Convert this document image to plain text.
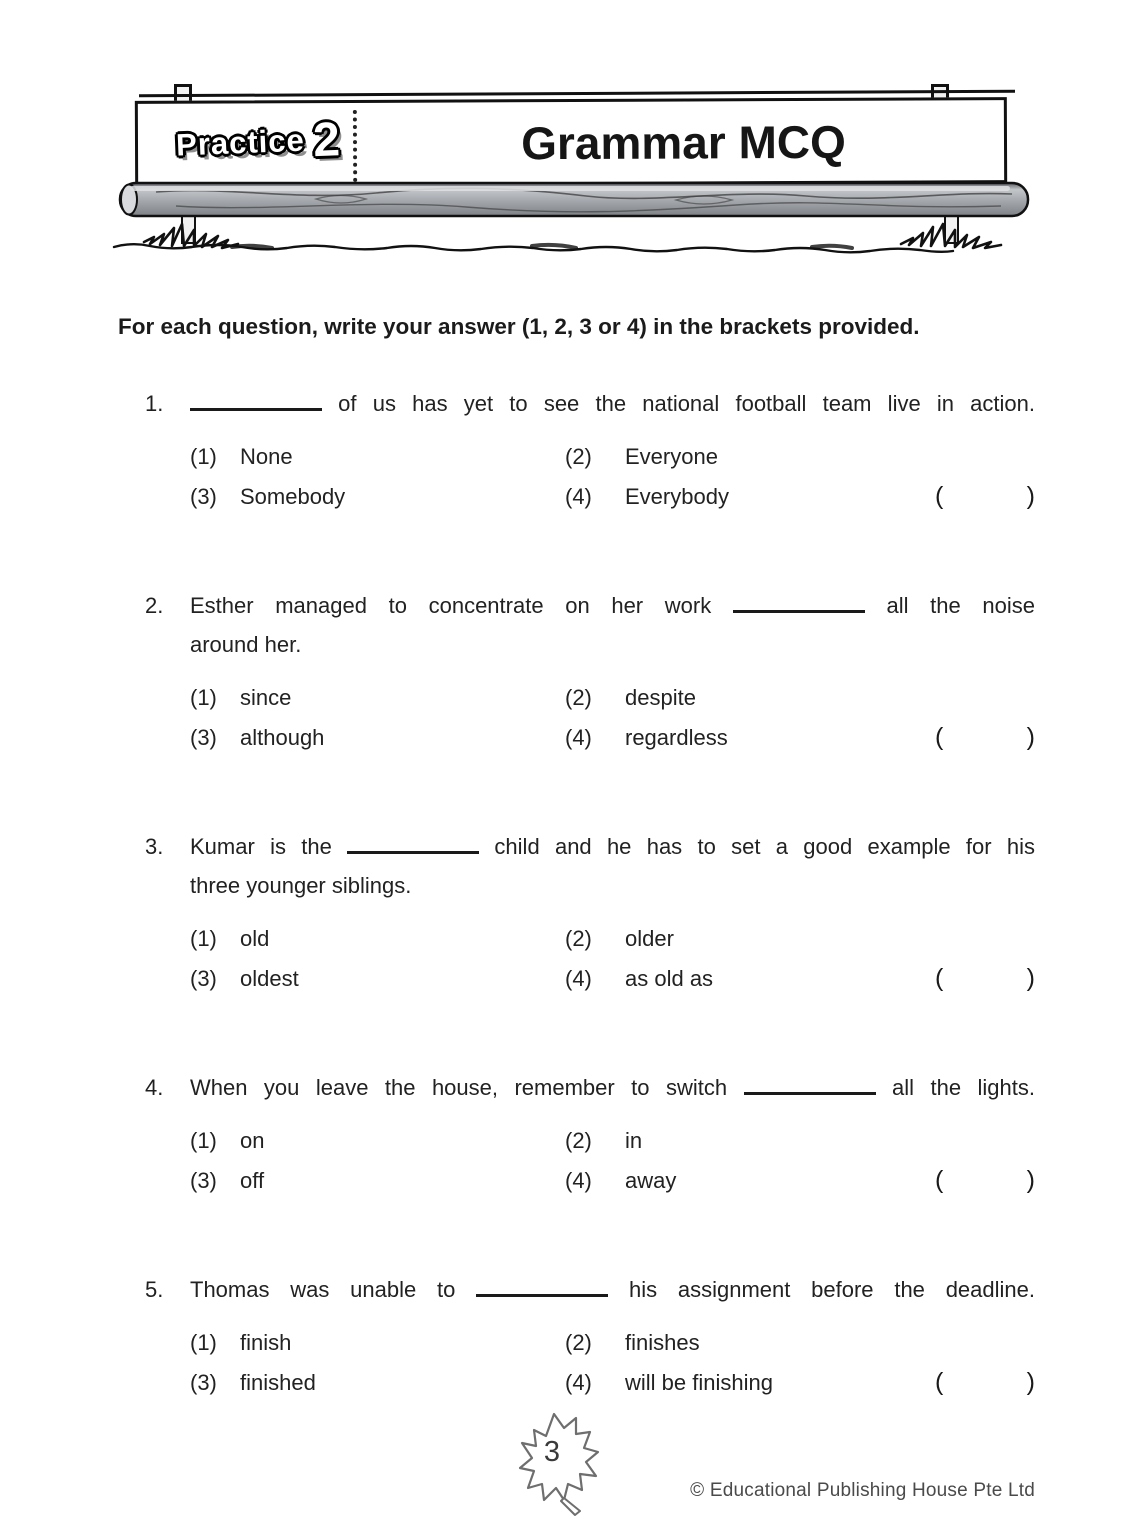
Practice 2	Grammar MCQ

For each question, write your answer (1, 2, 3 or 4) in the brackets provided.

1.	of us has yet to see the national football team live in action.
(1)	None	(2)	Everyone
(3)	Somebody	(4)	Everybody	(	)
2.	Esther managed to concentrate on her work	all the noise
around her.
(1)	since	(2)	despite
(3)	although	(4)	regardless	(	)
3.	Kumar is the	child and he has to set a good example for his
three younger siblings.
(1)	old	(2)	older
(3)	oldest	(4)	as old as	(	)
4.	When you leave the house, remember to switch	all the lights.
(1)	on	(2)	in
(3)	off	(4)	away	(	)
5.	Thomas was unable to	his assignment before the deadline.
(1)	finish	(2)	finishes
(3)	finished	(4)	will be finishing	(	)
3
© Educational Publishing House Pte Ltd
